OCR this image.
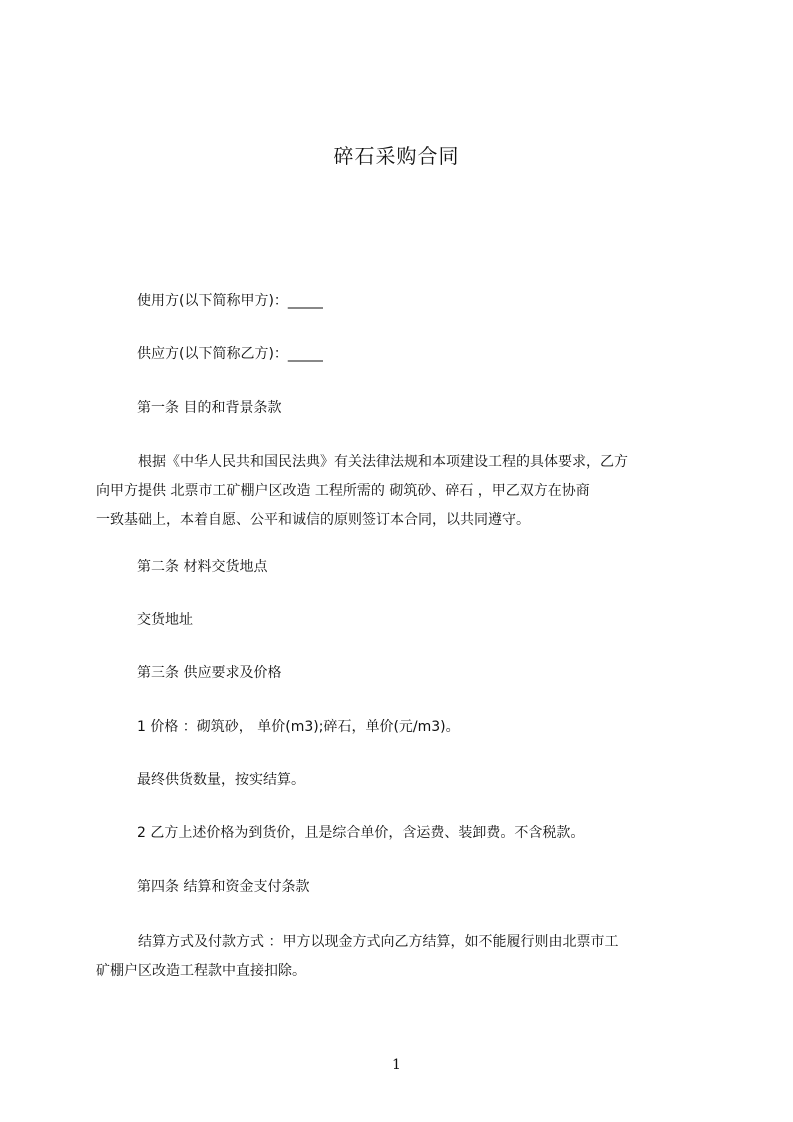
碎石采购合同
使用方(以下简称甲方)：_____
供应方(以下简称乙方)：_____
第一条 目的和背景条款
根据《中华人民共和国民法典》有关法律法规和本项建设工程的具体要求，乙方
向甲方提供 北票市工矿棚户区改造 工程所需的 砌筑砂、碎石 ，甲乙双方在协商
一致基础上，本着自愿、公平和诚信的原则签订本合同，以共同遵守。
第二条 材料交货地点
交货地址
第三条 供应要求及价格
1 价格 ：砌筑砂， 单价(m3);碎石，单价(元/m3)。
最终供货数量，按实结算。
2 乙方上述价格为到货价，且是综合单价，含运费、装卸费。不含税款。
第四条 结算和资金支付条款
结算方式及付款方式 ：甲方以现金方式向乙方结算，如不能履行则由北票市工
矿棚户区改造工程款中直接扣除。
1
